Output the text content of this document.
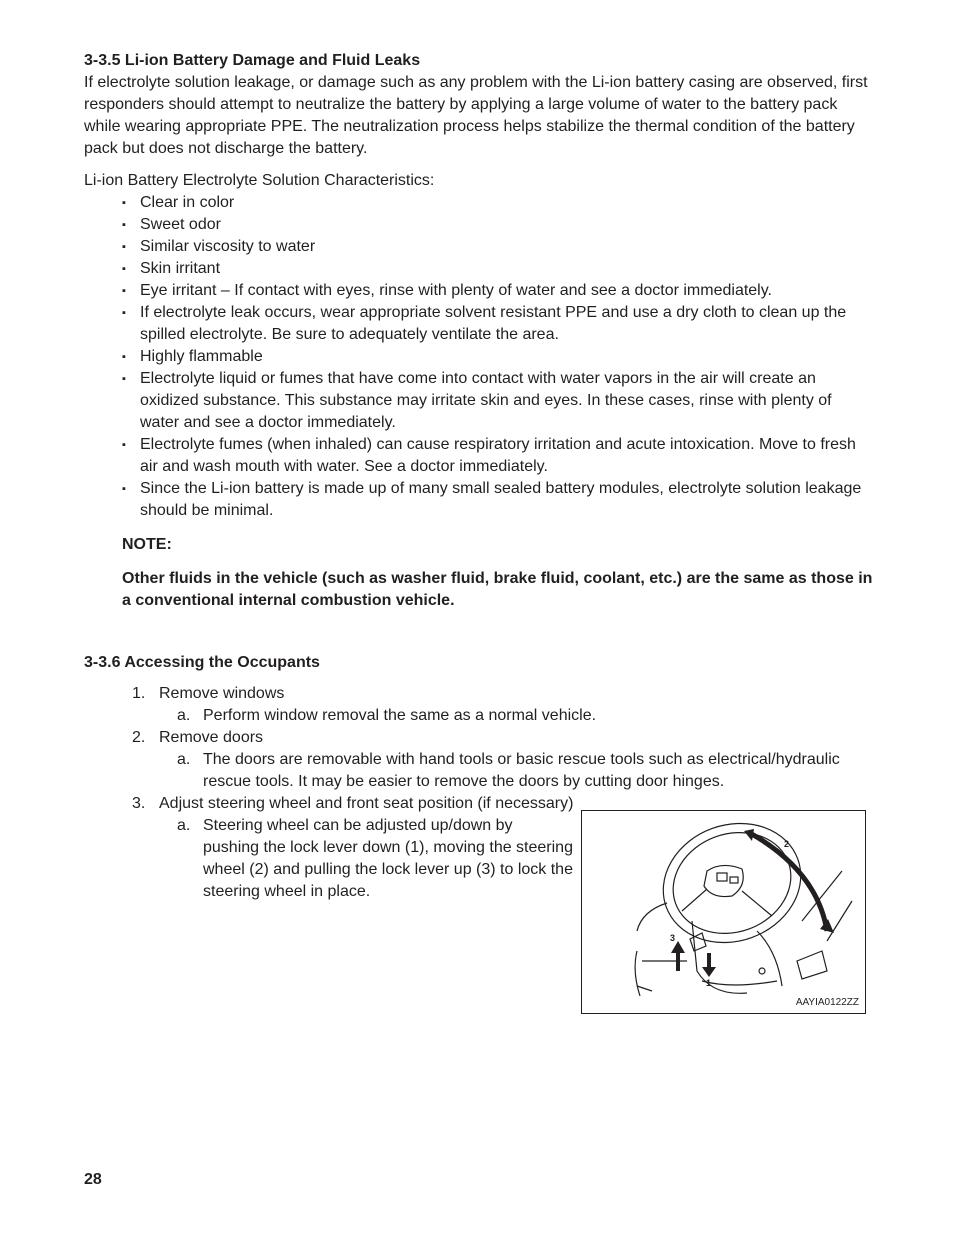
3-3.5 Li-ion Battery Damage and Fluid Leaks

If electrolyte solution leakage, or damage such as any problem with the Li-ion battery casing are observed, first responders should attempt to neutralize the battery by applying a large volume of water to the battery pack while wearing appropriate PPE. The neutralization process helps stabilize the thermal condition of the battery pack but does not discharge the battery.

Li-ion Battery Electrolyte Solution Characteristics:

▪ Clear in color
▪ Sweet odor
▪ Similar viscosity to water
▪ Skin irritant
▪ Eye irritant – If contact with eyes, rinse with plenty of water and see a doctor immediately.
▪ If electrolyte leak occurs, wear appropriate solvent resistant PPE and use a dry cloth to clean up the spilled electrolyte. Be sure to adequately ventilate the area.
▪ Highly flammable
▪ Electrolyte liquid or fumes that have come into contact with water vapors in the air will create an oxidized substance. This substance may irritate skin and eyes. In these cases, rinse with plenty of water and see a doctor immediately.
▪ Electrolyte fumes (when inhaled) can cause respiratory irritation and acute intoxication. Move to fresh air and wash mouth with water. See a doctor immediately.
▪ Since the Li-ion battery is made up of many small sealed battery modules, electrolyte solution leakage should be minimal.
NOTE:
Other fluids in the vehicle (such as washer fluid, brake fluid, coolant, etc.) are the same as those in a conventional internal combustion vehicle.
3-3.6 Accessing the Occupants
1. Remove windows
a. Perform window removal the same as a normal vehicle.
2. Remove doors
a. The doors are removable with hand tools or basic rescue tools such as electrical/hydraulic rescue tools. It may be easier to remove the doors by cutting door hinges.
3. Adjust steering wheel and front seat position (if necessary)
a. Steering wheel can be adjusted up/down by pushing the lock lever down (1), moving the steering wheel (2) and pulling the lock lever up (3) to lock the steering wheel in place.
2
3
1
AAYIA0122ZZ
28
